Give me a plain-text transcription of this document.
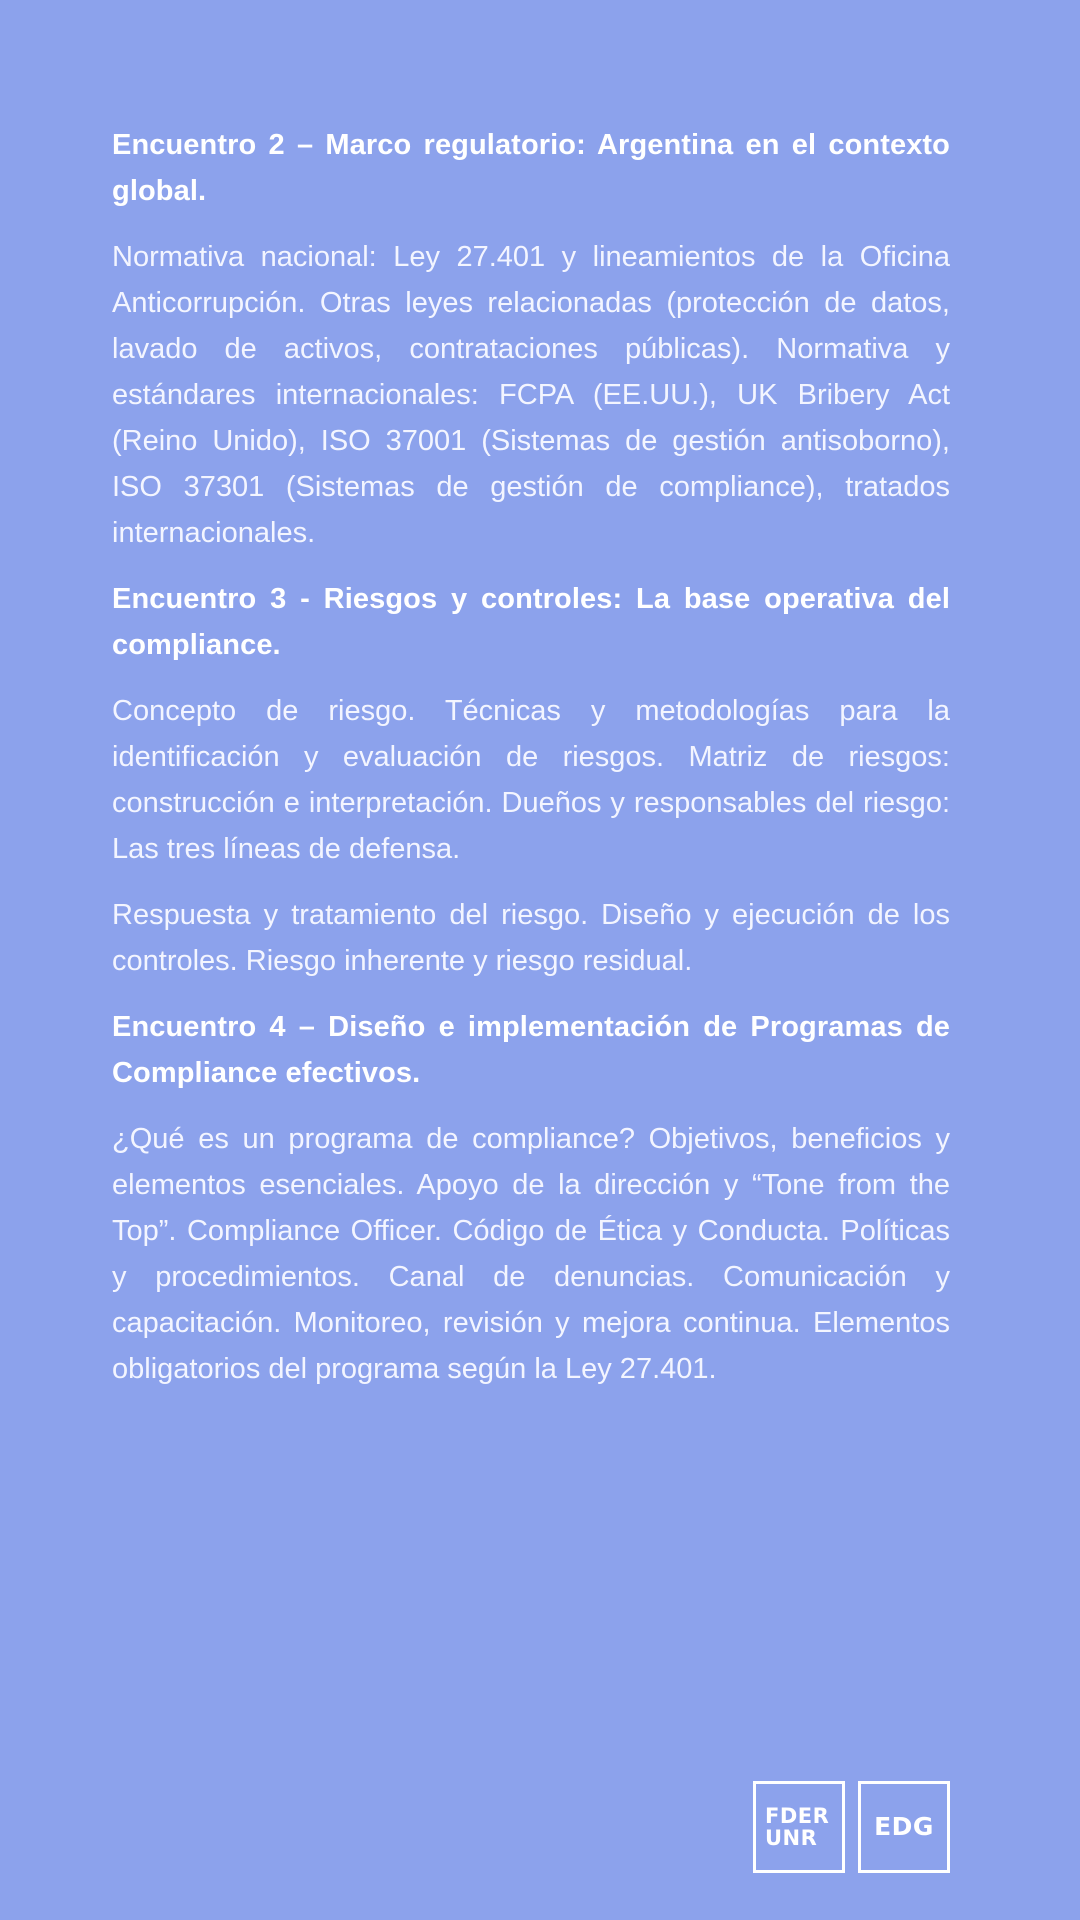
Encuentro 2 – Marco regulatorio: Argentina en el contexto global.

Normativa nacional: Ley 27.401 y lineamientos de la Oficina Anticorrupción. Otras leyes relacionadas (protección de datos, lavado de activos, contrataciones públicas). Normativa y estándares internacionales: FCPA (EE.UU.), UK Bribery Act (Reino Unido), ISO 37001 (Sistemas de gestión antisoborno), ISO 37301 (Sistemas de gestión de compliance), tratados internacionales.

Encuentro 3 - Riesgos y controles: La base operativa del compliance.

Concepto de riesgo. Técnicas y metodologías para la identificación y evaluación de riesgos. Matriz de riesgos: construcción e interpretación. Dueños y responsables del riesgo: Las tres líneas de defensa.

Respuesta y tratamiento del riesgo. Diseño y ejecución de los controles. Riesgo inherente y riesgo residual.

Encuentro 4 – Diseño e implementación de Programas de Compliance efectivos.

¿Qué es un programa de compliance? Objetivos, beneficios y elementos esenciales. Apoyo de la dirección y “Tone from the Top”. Compliance Officer. Código de Ética y Conducta. Políticas y procedimientos. Canal de denuncias. Comunicación y capacitación. Monitoreo, revisión y mejora continua. Elementos obligatorios del programa según la Ley 27.401.

FDER
UNR	EDG
